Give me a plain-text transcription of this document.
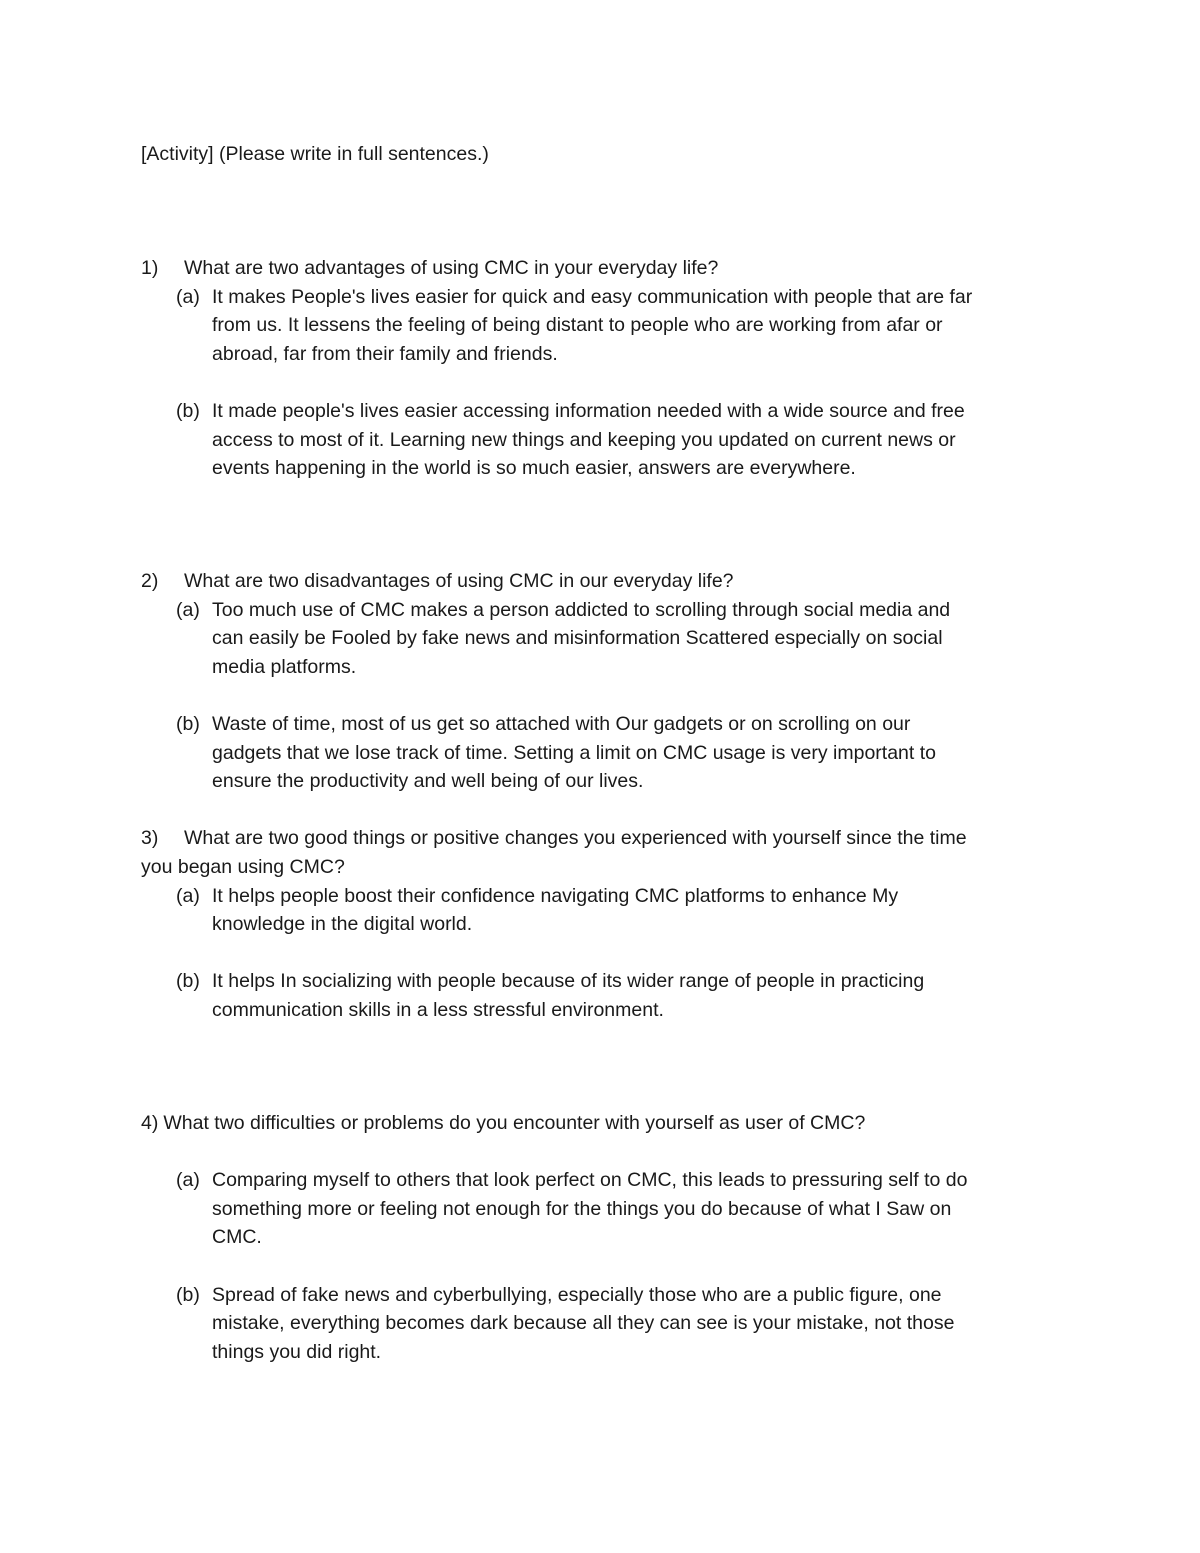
[Activity] (Please write in full sentences.)
1) What are two advantages of using CMC in your everyday life?
(a) It makes People's lives easier for quick and easy communication with people that are far
from us. It lessens the feeling of being distant to people who are working from afar or
abroad, far from their family and friends.
(b) It made people's lives easier accessing information needed with a wide source and free
access to most of it. Learning new things and keeping you updated on current news or
events happening in the world is so much easier, answers are everywhere.
2) What are two disadvantages of using CMC in our everyday life?
(a) Too much use of CMC makes a person addicted to scrolling through social media and
can easily be Fooled by fake news and misinformation Scattered especially on social
media platforms.
(b) Waste of time, most of us get so attached with Our gadgets or on scrolling on our
gadgets that we lose track of time. Setting a limit on CMC usage is very important to
ensure the productivity and well being of our lives.
3) What are two good things or positive changes you experienced with yourself since the time
you began using CMC?
(a) It helps people boost their confidence navigating CMC platforms to enhance My
knowledge in the digital world.
(b) It helps In socializing with people because of its wider range of people in practicing
communication skills in a less stressful environment.
4) What two difficulties or problems do you encounter with yourself as user of CMC?
(a) Comparing myself to others that look perfect on CMC, this leads to pressuring self to do
something more or feeling not enough for the things you do because of what I Saw on
CMC.
(b) Spread of fake news and cyberbullying, especially those who are a public figure, one
mistake, everything becomes dark because all they can see is your mistake, not those
things you did right.
